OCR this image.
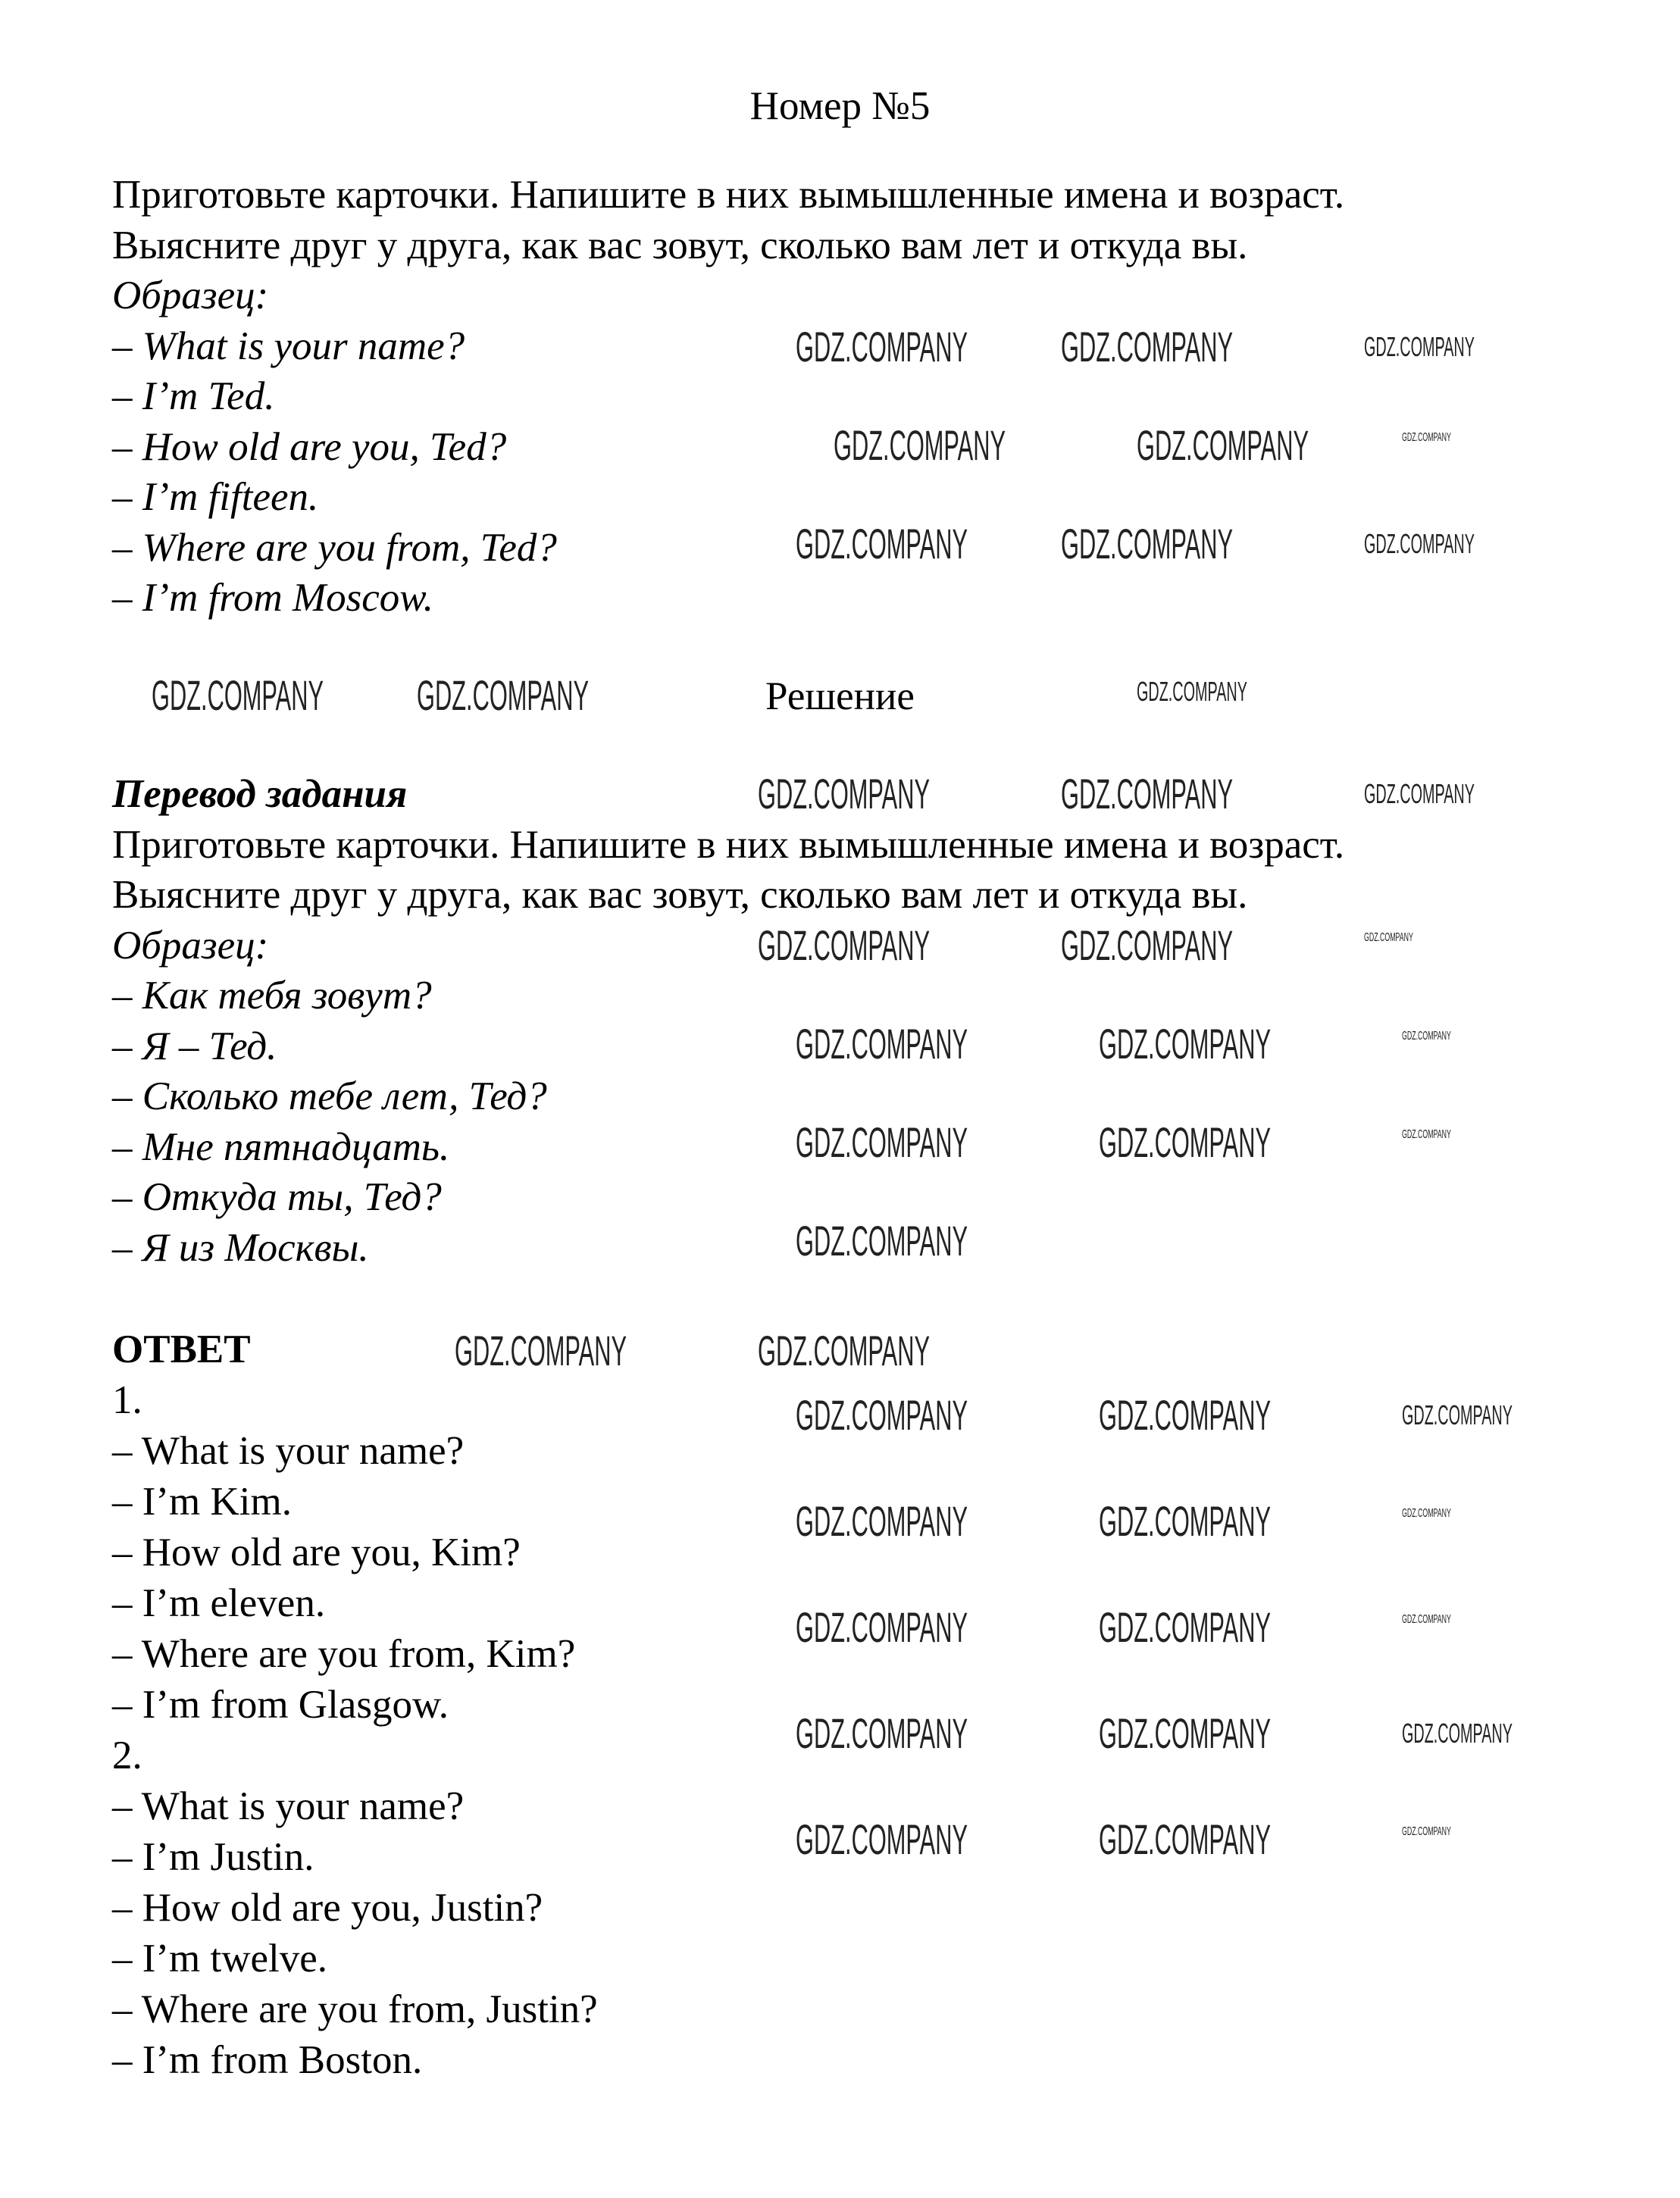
Номер №5
Приготовьте карточки. Напишите в них вымышленные имена и возраст.
Выясните друг у друга, как вас зовут, сколько вам лет и откуда вы.
Образец:
– What is your name?
– I’m Ted.
– How old are you, Ted?
– I’m fifteen.
– Where are you from, Ted?
– I’m from Moscow.
Решение
Перевод задания
Приготовьте карточки. Напишите в них вымышленные имена и возраст.
Выясните друг у друга, как вас зовут, сколько вам лет и откуда вы.
Образец:
– Как тебя зовут?
– Я – Тед.
– Сколько тебе лет, Тед?
– Мне пятнадцать.
– Откуда ты, Тед?
– Я из Москвы.
ОТВЕТ
1.
– What is your name?
– I’m Kim.
– How old are you, Kim?
– I’m eleven.
– Where are you from, Kim?
– I’m from Glasgow.
2.
– What is your name?
– I’m Justin.
– How old are you, Justin?
– I’m twelve.
– Where are you from, Justin?
– I’m from Boston.
GDZ.COMPANY GDZ.COMPANY	GDZ.COMPANY
GDZ.COMPANY	GDZ.COMPANY	GDZ.COMPANY
GDZ.COMPANY GDZ.COMPANY	GDZ.COMPANY
GDZ.COMPANY GDZ.COMPANY	GDZ.COMPANY
GDZ.COMPANY	GDZ.COMPANY	GDZ.COMPANY
GDZ.COMPANY	GDZ.COMPANY	GDZ.COMPANY
GDZ.COMPANY	GDZ.COMPANY	GDZ.COMPANY
GDZ.COMPANY	GDZ.COMPANY	GDZ.COMPANY
GDZ.COMPANY
GDZ.COMPANY	GDZ.COMPANY
GDZ.COMPANY	GDZ.COMPANY	GDZ.COMPANY
GDZ.COMPANY	GDZ.COMPANY	GDZ.COMPANY
GDZ.COMPANY	GDZ.COMPANY	GDZ.COMPANY
GDZ.COMPANY	GDZ.COMPANY	GDZ.COMPANY
GDZ.COMPANY	GDZ.COMPANY	GDZ.COMPANY
